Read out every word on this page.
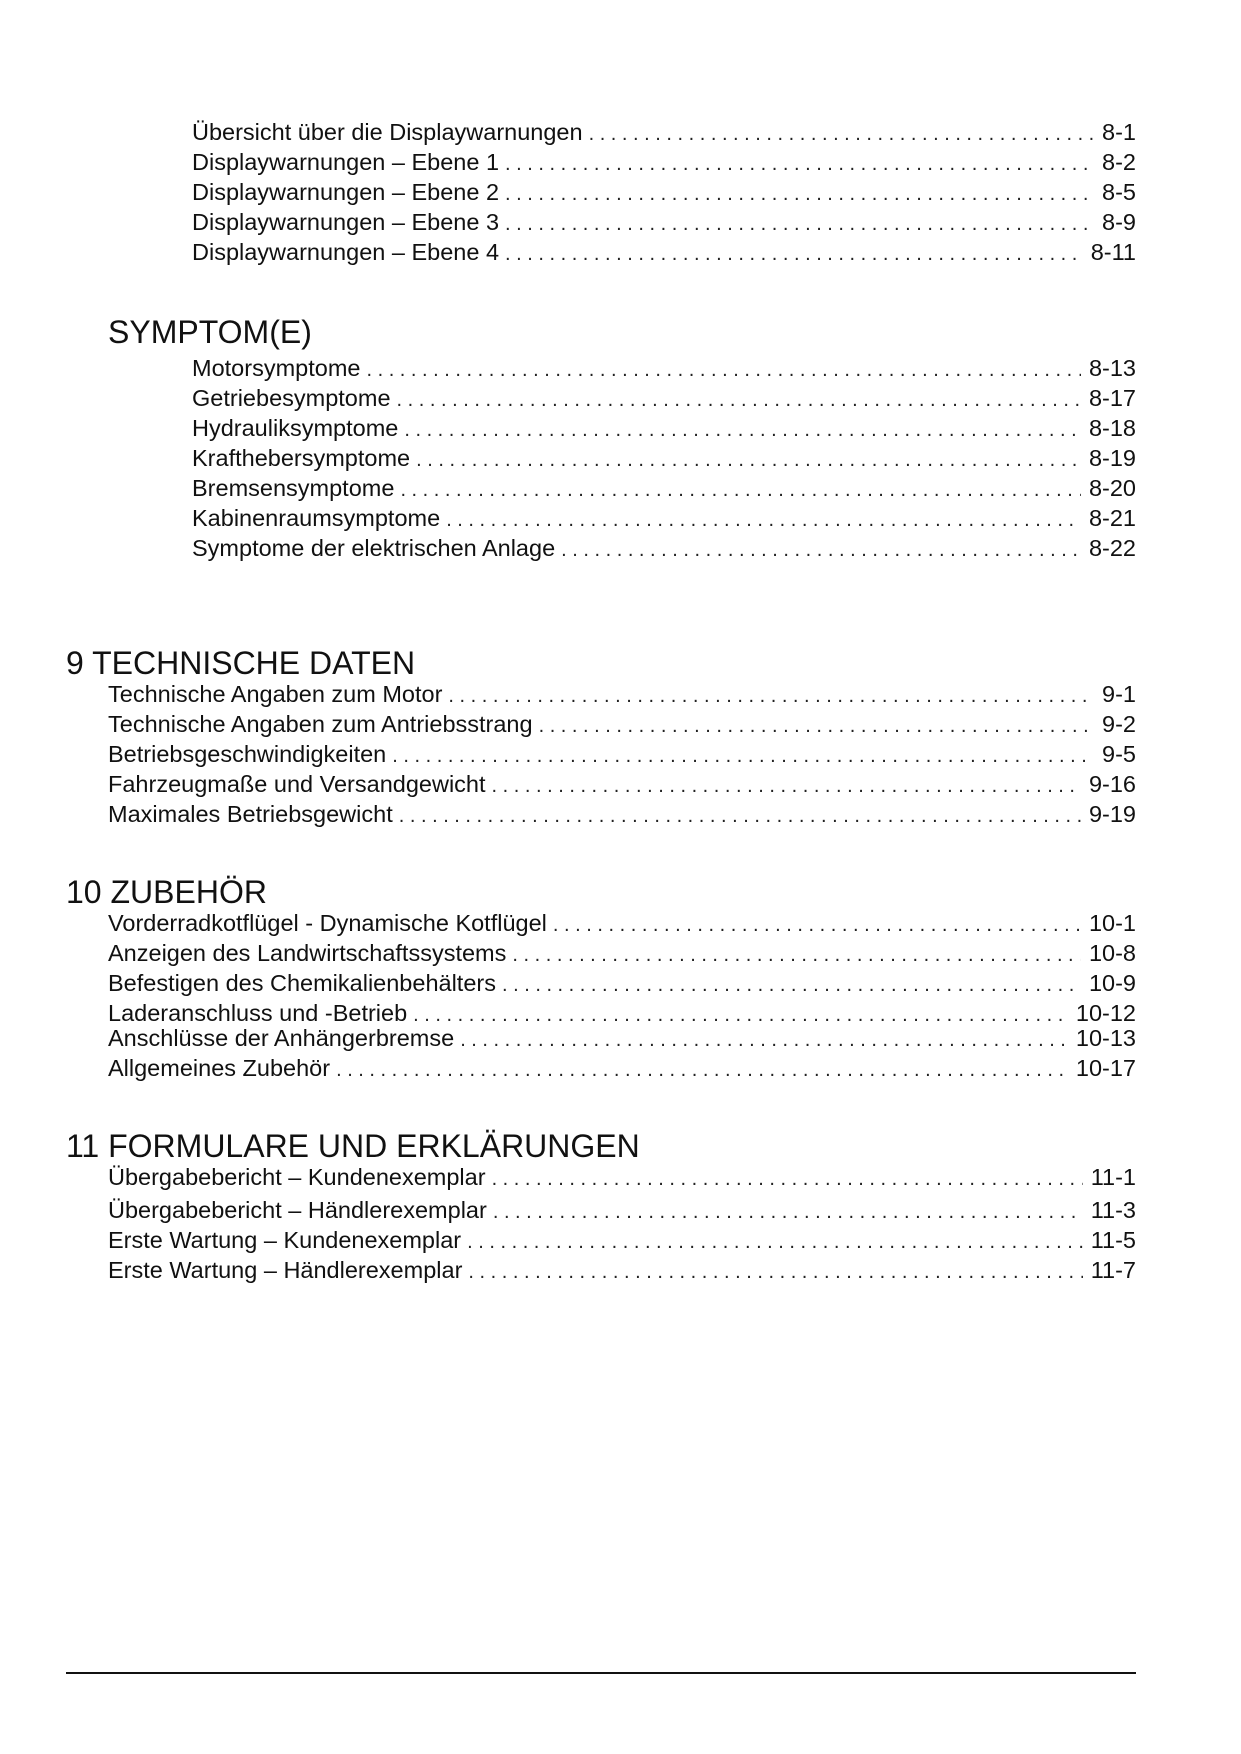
Übersicht über die Displaywarnungen . . .	8-1
Displaywarnungen – Ebene 1 . . .	8-2
Displaywarnungen – Ebene 2 . . .	8-5
Displaywarnungen – Ebene 3 . . .	8-9
Displaywarnungen – Ebene 4 . . .	8-11
SYMPTOM(E)
Motorsymptome . . .	8-13
Getriebesymptome . . .	8-17
Hydrauliksymptome . . .	8-18
Krafthebersymptome . . .	8-19
Bremsensymptome . . .	8-20
Kabinenraumsymptome . . .	8-21
Symptome der elektrischen Anlage . . .	8-22
9 TECHNISCHE DATEN
Technische Angaben zum Motor . . .	9-1
Technische Angaben zum Antriebsstrang . . .	9-2
Betriebsgeschwindigkeiten . . .	9-5
Fahrzeugmaße und Versandgewicht . . .	9-16
Maximales Betriebsgewicht . . .	9-19
10 ZUBEHÖR
Vorderradkotflügel - Dynamische Kotflügel . . .	10-1
Anzeigen des Landwirtschaftssystems . . .	10-8
Befestigen des Chemikalienbehälters . . .	10-9
Laderanschluss und -Betrieb . . .	10-12
Anschlüsse der Anhängerbremse . . .	10-13
Allgemeines Zubehör . . .	10-17
11 FORMULARE UND ERKLÄRUNGEN
Übergabebericht – Kundenexemplar . . .	11-1
Übergabebericht – Händlerexemplar . . .	11-3
Erste Wartung – Kundenexemplar . . .	11-5
Erste Wartung – Händlerexemplar . . .	11-7
